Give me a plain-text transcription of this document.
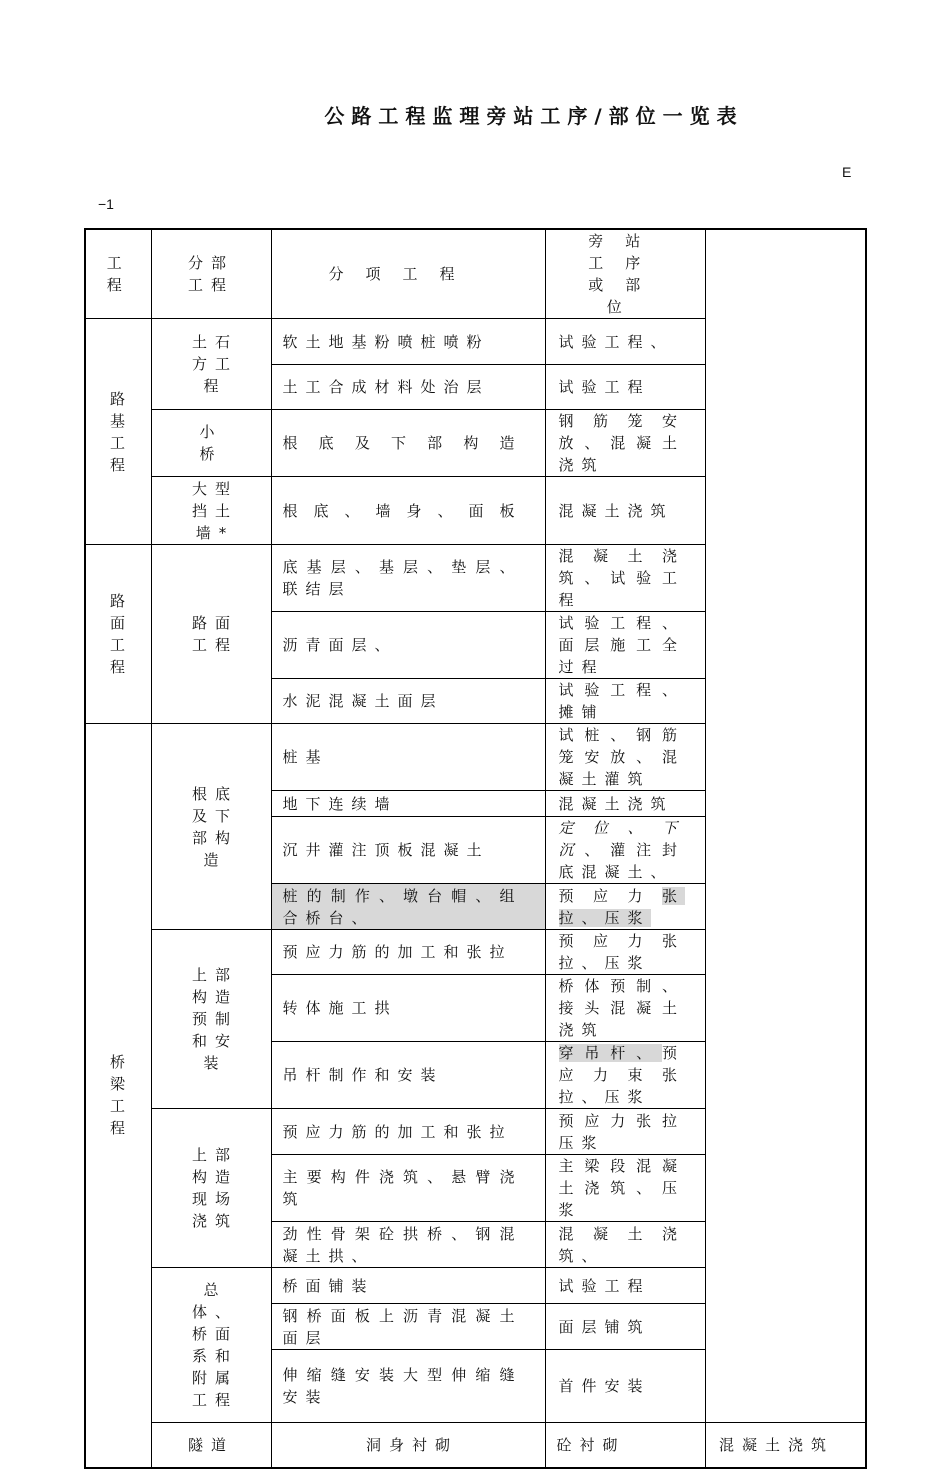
公路工程监理旁站工序/部位一览表
E
−1
工程	分部工程	分项工程	旁站工序或部位	
路基工程	土石方工程	软土地基粉喷桩喷粉	试验工程、	
		土工合成材料处治层	试验工程	
	小桥	根底及下部构造	钢筋笼安放、混凝土浇筑	
	大型挡土墙*	根底、墙身、面板	混凝土浇筑	
路面工程	路面工程	底基层、基层、垫层、联结层	混凝土浇筑、试验工程	
		沥青面层、	试验工程、面层施工全过程	
		水泥混凝土面层	试验工程、摊铺	
桥梁工程	根底及下部构造	桩基	试桩、钢筋笼安放、混凝土灌筑	
		地下连续墙	混凝土浇筑	
		沉井灌注顶板混凝土	定位、下沉、灌注封底混凝土、	
		桩的制作、墩台帽、组合桥台、	预应力张拉、压浆	
	上部构造预制和安装	预应力筋的加工和张拉	预应力张拉、压浆	
		转体施工拱	桥体预制、接头混凝土浇筑	
		吊杆制作和安装	穿吊杆、预应力束张拉、压浆	
	上部构造现场浇筑	预应力筋的加工和张拉	预应力张拉压浆	
		主要构件浇筑、悬臂浇筑	主梁段混凝土浇筑、压浆	
		劲性骨架砼拱桥、钢混凝土拱、	混凝土浇筑、	
	总体、桥面系和附属工程	桥面铺装	试验工程	
		钢桥面板上沥青混凝土面层	面层铺筑	
		伸缩缝安装大型伸缩缝安装	首件安装	
	隧道	洞身衬砌	砼衬砌	混凝土浇筑
